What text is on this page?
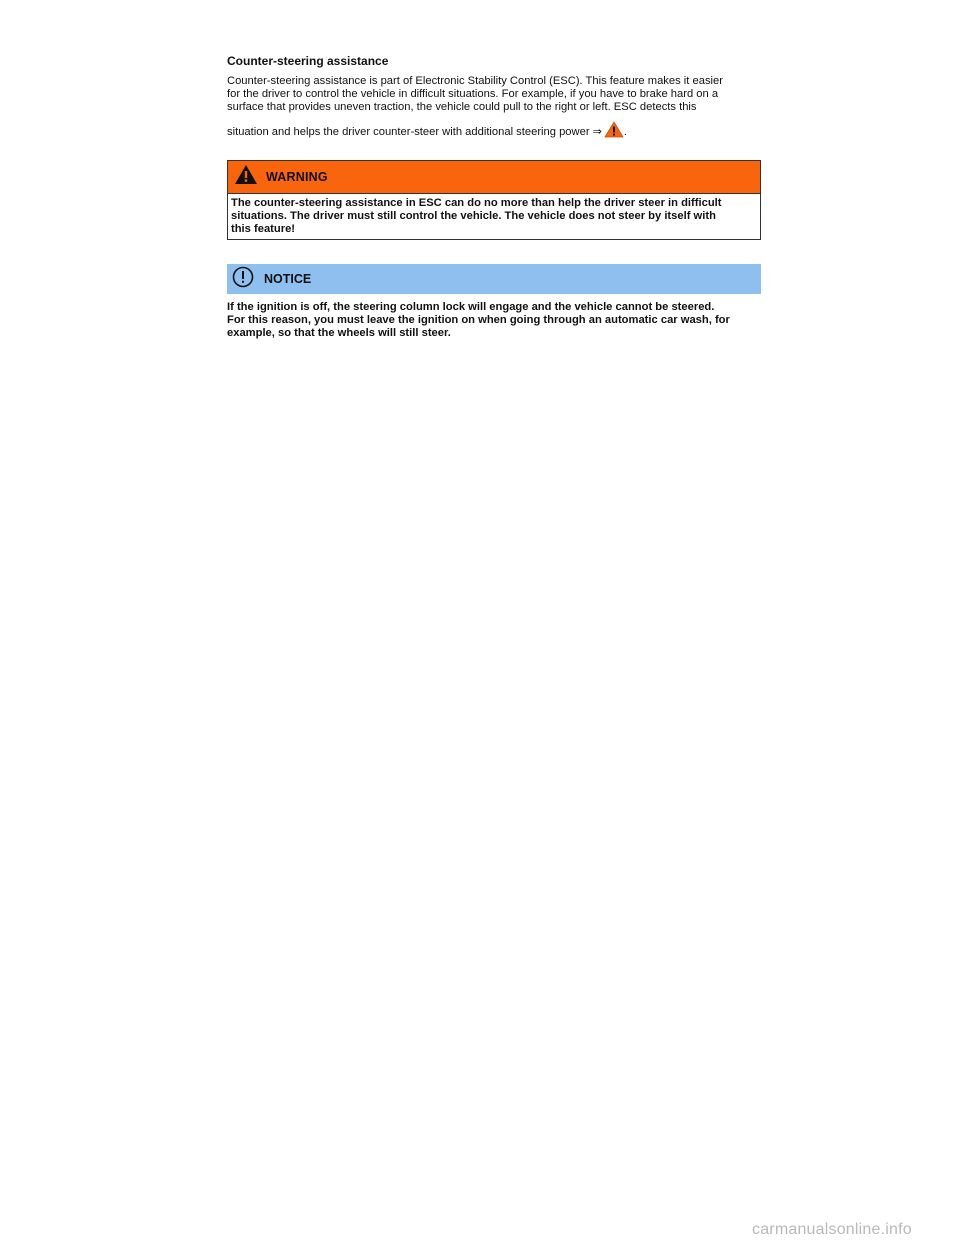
Counter-steering assistance

Counter-steering assistance is part of Electronic Stability Control (ESC). This feature makes it easier
for the driver to control the vehicle in difficult situations. For example, if you have to brake hard on a
surface that provides uneven traction, the vehicle could pull to the right or left. ESC detects this
situation and helps the driver counter-steer with additional steering power ⇒ .

WARNING
The counter-steering assistance in ESC can do no more than help the driver steer in difficult
situations. The driver must still control the vehicle. The vehicle does not steer by itself with
this feature!
NOTICE
If the ignition is off, the steering column lock will engage and the vehicle cannot be steered.
For this reason, you must leave the ignition on when going through an automatic car wash, for
example, so that the wheels will still steer.
carmanualsonline.info
